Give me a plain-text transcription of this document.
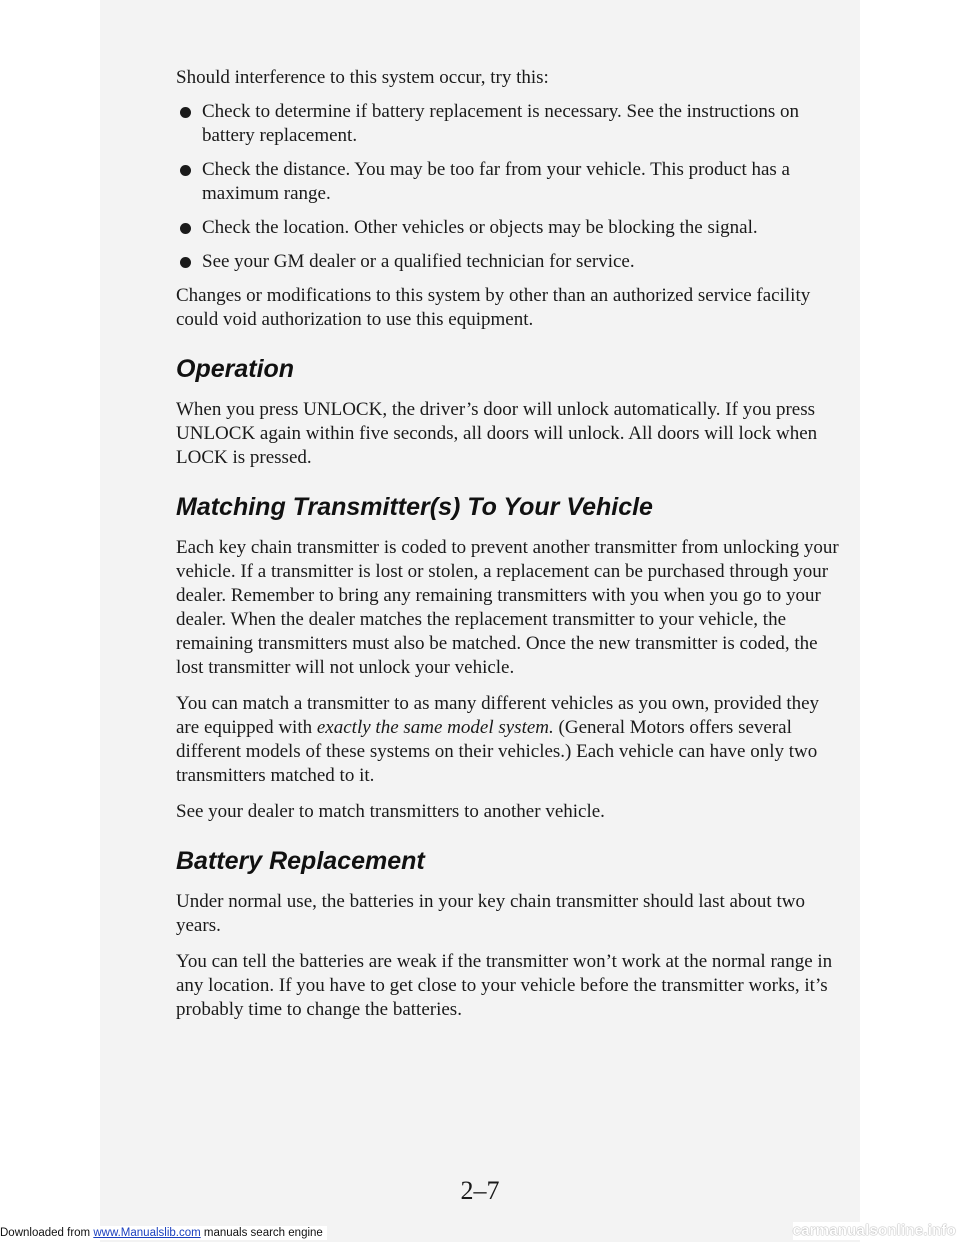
Should interference to this system occur, try this:

Check to determine if battery replacement is necessary. See the instructions on battery replacement.
Check the distance. You may be too far from your vehicle. This product has a maximum range.
Check the location. Other vehicles or objects may be blocking the signal.
See your GM dealer or a qualified technician for service.

Changes or modifications to this system by other than an authorized service facility could void authorization to use this equipment.

Operation

When you press UNLOCK, the driver’s door will unlock automatically. If you press UNLOCK again within five seconds, all doors will unlock. All doors will lock when LOCK is pressed.

Matching Transmitter(s) To Your Vehicle

Each key chain transmitter is coded to prevent another transmitter from unlocking your vehicle. If a transmitter is lost or stolen, a replacement can be purchased through your dealer. Remember to bring any remaining transmitters with you when you go to your dealer. When the dealer matches the replacement transmitter to your vehicle, the remaining transmitters must also be matched. Once the new transmitter is coded, the lost transmitter will not unlock your vehicle.

You can match a transmitter to as many different vehicles as you own, provided they are equipped with exactly the same model system. (General Motors offers several different models of these systems on their vehicles.) Each vehicle can have only two transmitters matched to it.

See your dealer to match transmitters to another vehicle.

Battery Replacement

Under normal use, the batteries in your key chain transmitter should last about two years.

You can tell the batteries are weak if the transmitter won’t work at the normal range in any location. If you have to get close to your vehicle before the transmitter works, it’s probably time to change the batteries.

2–7
Downloaded from www.Manualslib.com manuals search engine	carmanualsonline.info
